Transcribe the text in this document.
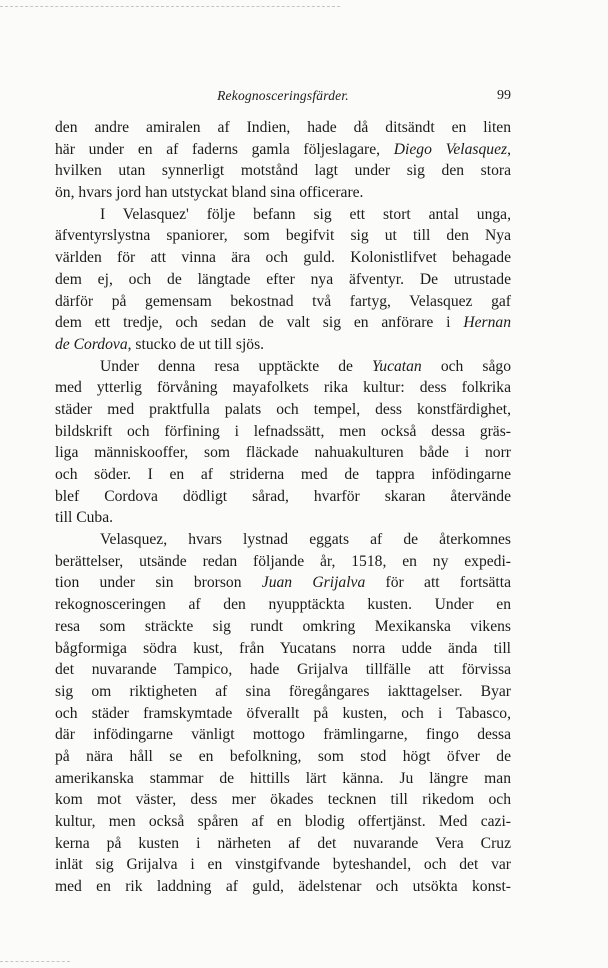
Rekognosceringsfärder.	99
den andre amiralen af Indien, hade då ditsändt en liten
här under en af faderns gamla följeslagare, Diego Velasquez,
hvilken utan synnerligt motstånd lagt under sig den stora
ön, hvars jord han utstyckat bland sina officerare.
I Velasquez' följe befann sig ett stort antal unga,
äfventyrslystna spaniorer, som begifvit sig ut till den Nya
världen för att vinna ära och guld. Kolonistlifvet behagade
dem ej, och de längtade efter nya äfventyr. De utrustade
därför på gemensam bekostnad två fartyg, Velasquez gaf
dem ett tredje, och sedan de valt sig en anförare i Hernan
de Cordova, stucko de ut till sjös.
Under denna resa upptäckte de Yucatan och sågo
med ytterlig förvåning mayafolkets rika kultur: dess folkrika
städer med praktfulla palats och tempel, dess konstfärdighet,
bildskrift och förfining i lefnadssätt, men också dessa gräs-
liga människooffer, som fläckade nahuakulturen både i norr
och söder. I en af striderna med de tappra infödingarne
blef Cordova dödligt sårad, hvarför skaran återvände
till Cuba.
Velasquez, hvars lystnad eggats af de återkomnes
berättelser, utsände redan följande år, 1518, en ny expedi-
tion under sin brorson Juan Grijalva för att fortsätta
rekognosceringen af den nyupptäckta kusten. Under en
resa som sträckte sig rundt omkring Mexikanska vikens
bågformiga södra kust, från Yucatans norra udde ända till
det nuvarande Tampico, hade Grijalva tillfälle att förvissa
sig om riktigheten af sina föregångares iakttagelser. Byar
och städer framskymtade öfverallt på kusten, och i Tabasco,
där infödingarne vänligt mottogo främlingarne, fingo dessa
på nära håll se en befolkning, som stod högt öfver de
amerikanska stammar de hittills lärt känna. Ju längre man
kom mot väster, dess mer ökades tecknen till rikedom och
kultur, men också spåren af en blodig offertjänst. Med cazi-
kerna på kusten i närheten af det nuvarande Vera Cruz
inlät sig Grijalva i en vinstgifvande byteshandel, och det var
med en rik laddning af guld, ädelstenar och utsökta konst-
